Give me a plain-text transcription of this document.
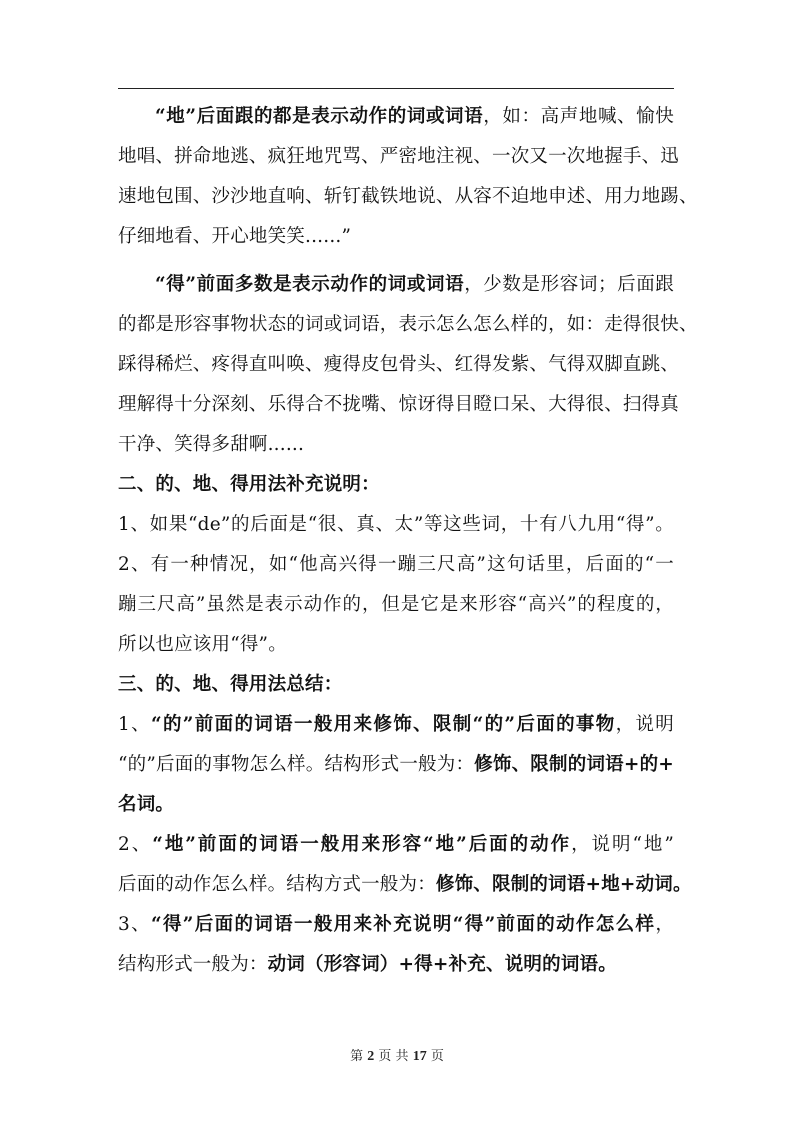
“地”后面跟的都是表示动作的词或词语，如：高声地喊、愉快
地唱、拼命地逃、疯狂地咒骂、严密地注视、一次又一次地握手、迅
速地包围、沙沙地直响、斩钉截铁地说、从容不迫地申述、用力地踢、
仔细地看、开心地笑笑......”
“得”前面多数是表示动作的词或词语，少数是形容词；后面跟
的都是形容事物状态的词或词语，表示怎么怎么样的，如：走得很快、
踩得稀烂、疼得直叫唤、瘦得皮包骨头、红得发紫、气得双脚直跳、
理解得十分深刻、乐得合不拢嘴、惊讶得目瞪口呆、大得很、扫得真
干净、笑得多甜啊......
二、的、地、得用法补充说明：
1、如果“de”的后面是“很、真、太”等这些词，十有八九用“得”。
2、有一种情况，如“他高兴得一蹦三尺高”这句话里，后面的“一
蹦三尺高”虽然是表示动作的，但是它是来形容“高兴”的程度的，
所以也应该用“得”。
三、的、地、得用法总结：
1、“的”前面的词语一般用来修饰、限制“的”后面的事物，说明
“的”后面的事物怎么样。结构形式一般为：修饰、限制的词语+的+
名词。
2、“地”前面的词语一般用来形容“地”后面的动作，说明“地”
后面的动作怎么样。结构方式一般为：修饰、限制的词语+地+动词。
3、“得”后面的词语一般用来补充说明“得”前面的动作怎么样，
结构形式一般为：动词（形容词）+得+补充、说明的词语。
第 2 页 共 17 页
